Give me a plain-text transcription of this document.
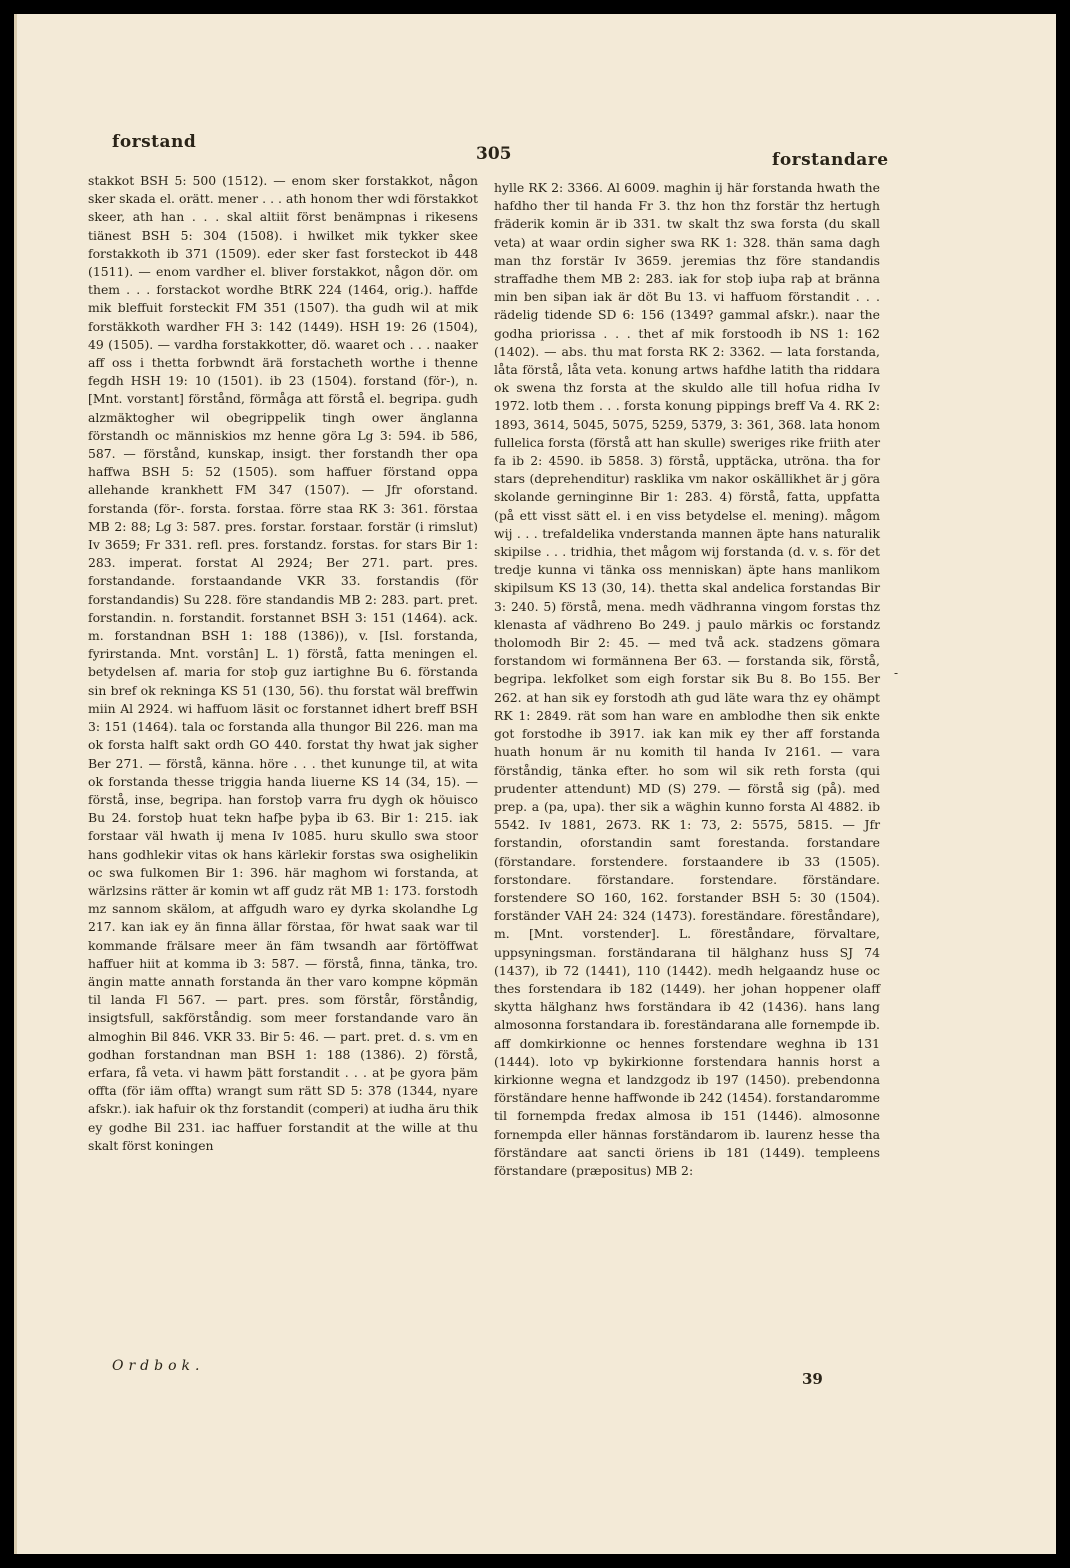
forstand
305	forstandare

stakkot BSH 5: 500 (1512). — enom sker forstakkot, någon sker skada el. orätt. mener . . . ath honom ther wdi förstakkot skeer, ath han . . . skal altiit först benämpnas i rikesens tiänest BSH 5: 304 (1508). i hwilket mik tykker skee forstakkoth ib 371 (1509). eder sker fast forsteckot ib 448 (1511). — enom vardher el. bliver forstakkot, någon dör. om them . . . forstackot wordhe BtRK 224 (1464, orig.). haffde mik bleffuit forsteckit FM 351 (1507). tha gudh wil at mik forstäkkoth wardher FH 3: 142 (1449). HSH 19: 26 (1504), 49 (1505). — vardha forstakkotter, dö. waaret och . . . naaker aff oss i thetta forbwndt ärä forstacheth worthe i thenne fegdh HSH 19: 10 (1501). ib 23 (1504). forstand (för-), n. [Mnt. vorstant] förstånd, förmåga att förstå el. begripa. gudh alzmäktogher wil obegrippelik tingh ower änglanna förstandh oc människios mz henne göra Lg 3: 594. ib 586, 587. — förstånd, kunskap, insigt. ther forstandh ther opa haffwa BSH 5: 52 (1505). som haffuer förstand oppa allehande krankhett FM 347 (1507). — Jfr oforstand. forstanda (för-. forsta. forstaa. förre staa RK 3: 361. förstaa MB 2: 88; Lg 3: 587. pres. forstar. forstaar. forstär (i rimslut) Iv 3659; Fr 331. refl. pres. forstandz. forstas. for stars Bir 1: 283. imperat. forstat Al 2924; Ber 271. part. pres. forstandande. forstaandande VKR 33. forstandis (för forstandandis) Su 228. före standandis MB 2: 283. part. pret. forstandin. n. forstandit. forstannet BSH 3: 151 (1464). ack. m. forstandnan BSH 1: 188 (1386)), v. [Isl. forstanda, fyrirstanda. Mnt. vorstân] L. 1) förstå, fatta meningen el. betydelsen af. maria for stoþ guz iartighne Bu 6. förstanda sin bref ok rekninga KS 51 (130, 56). thu forstat wäl breffwin miin Al 2924. wi haffuom läsit oc forstannet idhert breff BSH 3: 151 (1464). tala oc forstanda alla thungor Bil 226. man ma ok forsta halft sakt ordh GO 440. forstat thy hwat jak sigher Ber 271. — förstå, känna. höre . . . thet kununge til, at wita ok forstanda thesse triggia handa liuerne KS 14 (34, 15). — förstå, inse, begripa. han forstoþ varra fru dygh ok höuisco Bu 24. forstoþ huat tekn hafþe þyþa ib 63. Bir 1: 215. iak forstaar väl hwath ij mena Iv 1085. huru skullo swa stoor hans godhlekir vitas ok hans kärlekir forstas swa osighelikin oc swa fulkomen Bir 1: 396. här maghom wi forstanda, at wärlzsins rätter är komin wt aff gudz rät MB 1: 173. forstodh mz sannom skälom, at affgudh waro ey dyrka skolandhe Lg 217. kan iak ey än finna ällar förstaa, för hwat saak war til kommande frälsare meer än fäm twsandh aar förtöffwat haffuer hiit at komma ib 3: 587. — förstå, finna, tänka, tro. ängin matte annath forstanda än ther varo kompne köpmän til landa Fl 567. — part. pres. som förstår, förståndig, insigtsfull, sakförståndig. som meer forstandande varo än almoghin Bil 846. VKR 33. Bir 5: 46. — part. pret. d. s. vm en godhan forstandnan man BSH 1: 188 (1386). 2) förstå, erfara, få veta. vi hawm þätt forstandit . . . at þe gyora þäm offta (för iäm offta) wrangt sum rätt SD 5: 378 (1344, nyare afskr.). iak hafuir ok thz forstandit (comperi) at iudha äru thik ey godhe Bil 231. iac haffuer forstandit at the wille at thu skalt först koningen

hylle RK 2: 3366. Al 6009. maghin ij här forstanda hwath the hafdho ther til handa Fr 3. thz hon thz forstär thz hertugh fräderik komin är ib 331. tw skalt thz swa forsta (du skall veta) at waar ordin sigher swa RK 1: 328. thän sama dagh man thz forstär Iv 3659. jeremias thz före standandis straffadhe them MB 2: 283. iak for stoþ iuþa raþ at bränna min ben siþan iak är döt Bu 13. vi haffuom förstandit . . . rädelig tidende SD 6: 156 (1349? gammal afskr.). naar the godha priorissa . . . thet af mik forstoodh ib NS 1: 162 (1402). — abs. thu mat forsta RK 2: 3362. — lata forstanda, låta förstå, låta veta. konung artws hafdhe latith tha riddara ok swena thz forsta at the skuldo alle till hofua ridha Iv 1972. lotb them . . . forsta konung pippings breff Va 4. RK 2: 1893, 3614, 5045, 5075, 5259, 5379, 3: 361, 368. lata honom fullelica forsta (förstå att han skulle) sweriges rike friith ater fa ib 2: 4590. ib 5858. 3) förstå, upptäcka, utröna. tha for stars (deprehenditur) rasklika vm nakor oskällikhet är j göra skolande gerninginne Bir 1: 283. 4) förstå, fatta, uppfatta (på ett visst sätt el. i en viss betydelse el. mening). mågom wij . . . trefaldelika vnderstanda mannen äpte hans naturalik skipilse . . . tridhia, thet mågom wij forstanda (d. v. s. för det tredje kunna vi tänka oss menniskan) äpte hans manlikom skipilsum KS 13 (30, 14). thetta skal andelica forstandas Bir 3: 240. 5) förstå, mena. medh vädhranna vingom forstas thz klenasta af vädhreno Bo 249. j paulo märkis oc forstandz tholomodh Bir 2: 45. — med två ack. stadzens gömara forstandom wi formännena Ber 63. — forstanda sik, förstå, begripa. lekfolket som eigh forstar sik Bu 8. Bo 155. Ber 262. at han sik ey forstodh ath gud läte wara thz ey ohämpt RK 1: 2849. rät som han ware en amblodhe then sik enkte got forstodhe ib 3917. iak kan mik ey ther aff forstanda huath honum är nu komith til handa Iv 2161. — vara förståndig, tänka efter. ho som wil sik reth forsta (qui prudenter attendunt) MD (S) 279. — förstå sig (på). med prep. a (pa, upa). ther sik a wäghin kunno forsta Al 4882. ib 5542. Iv 1881, 2673. RK 1: 73, 2: 5575, 5815. — Jfr forstandin, oforstandin samt forestanda. forstandare (förstandare. forstendere. forstaandere ib 33 (1505). forstondare. förstandare. forstendare. förständare. forstendere SO 160, 162. forstander BSH 5: 30 (1504). forständer VAH 24: 324 (1473). foreständare. föreståndare), m. [Mnt. vorstender]. L. föreståndare, förvaltare, uppsyningsman. forständarana til hälghanz huss SJ 74 (1437), ib 72 (1441), 110 (1442). medh helgaandz huse oc thes forstendara ib 182 (1449). her johan hoppener olaff skytta hälghanz hws forständara ib 42 (1436). hans lang almosonna forstandara ib. foreständarana alle fornempde ib. aff domkirkionne oc hennes forstendare weghna ib 131 (1444). loto vp bykirkionne forstendara hannis horst a kirkionne wegna et landzgodz ib 197 (1450). prebendonna förständare henne haffwonde ib 242 (1454). forstandaromme til fornempda fredax almosa ib 151 (1446). almosonne fornempda eller hännas forständarom ib. laurenz hesse tha förständare aat sancti öriens ib 181 (1449). templeens förstandare (præpositus) MB 2:

-
Ordbok.
39
